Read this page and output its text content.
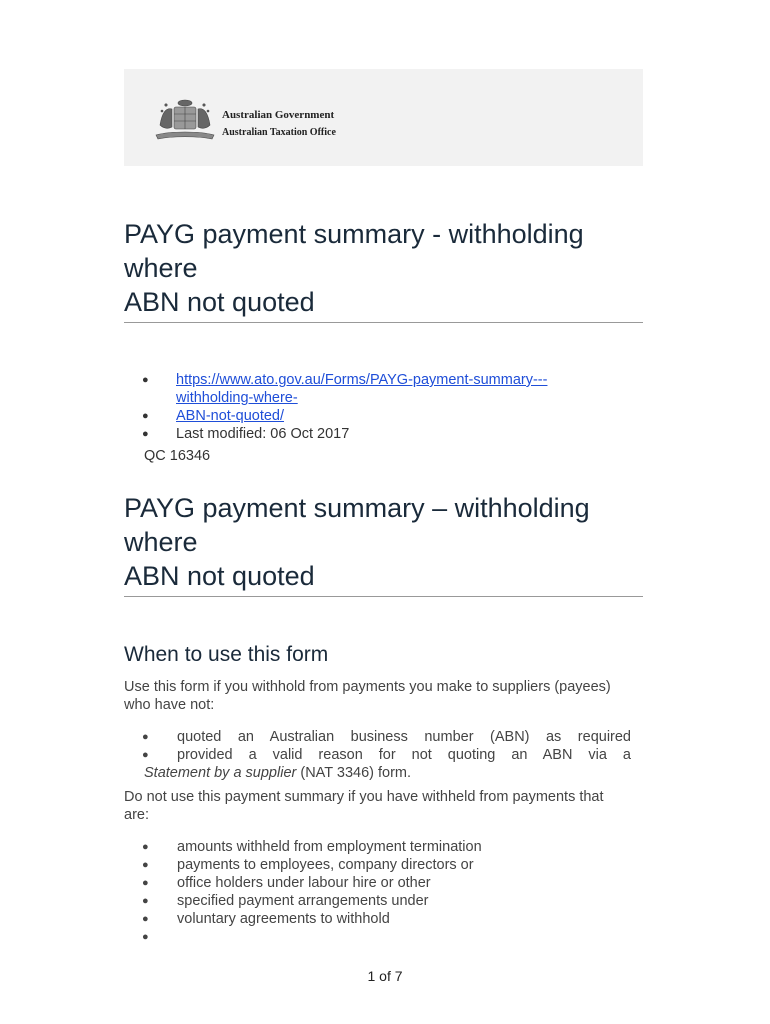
Australian Government
Australian Taxation Office
PAYG payment summary - withholding
where
ABN not quoted
● https://www.ato.gov.au/Forms/PAYG-payment-summary---
withholding-where-
● ABN-not-quoted/
● Last modified: 06 Oct 2017
QC 16346
PAYG payment summary – withholding
where
ABN not quoted
When to use this form

Use this form if you withhold from payments you make to suppliers (payees) who have not:

● quoted an Australian business number (ABN) as required
● provided a valid reason for not quoting an ABN via a
Statement by a supplier (NAT 3346) form.

Do not use this payment summary if you have withheld from payments that are:

● amounts withheld from employment termination
● payments to employees, company directors or
● office holders under labour hire or other
● specified payment arrangements under
● voluntary agreements to withhold
●
1 of 7
